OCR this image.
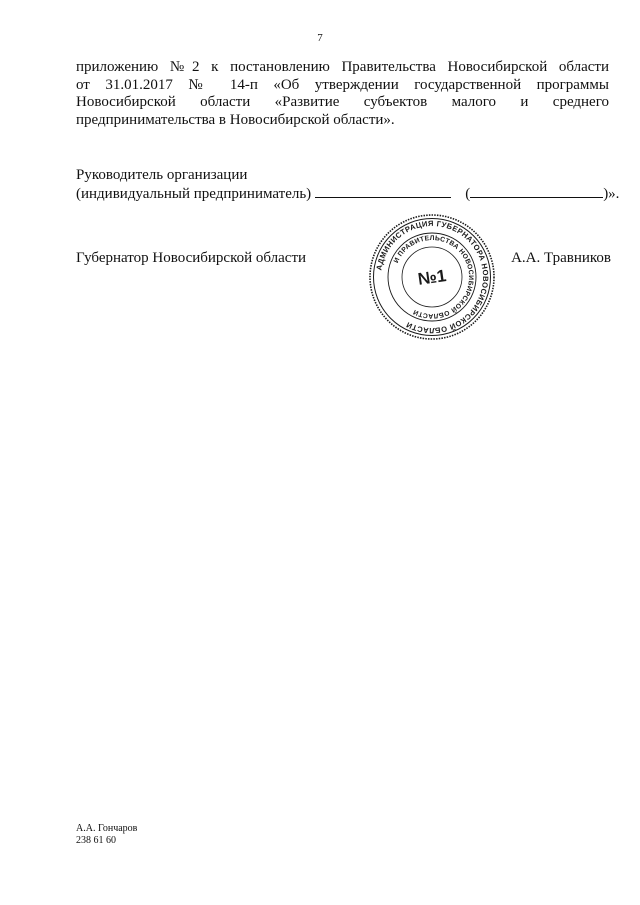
7
приложению №2 к постановлению Правительства Новосибирской области
от 31.01.2017 № 14-п «Об утверждении государственной программы
Новосибирской области «Развитие субъектов малого и среднего
предпринимательства в Новосибирской области».
Руководитель организации
(индивидуальный предприниматель)	(	)».
Губернатор Новосибирской области	А.А. Травников
АДМИНИСТРАЦИЯ ГУБЕРНАТОРА НОВОСИБИРСКОЙ ОБЛАСТИ
И ПРАВИТЕЛЬСТВА НОВОСИБИРСКОЙ ОБЛАСТИ
№1
А.А. Гончаров
238 61 60
